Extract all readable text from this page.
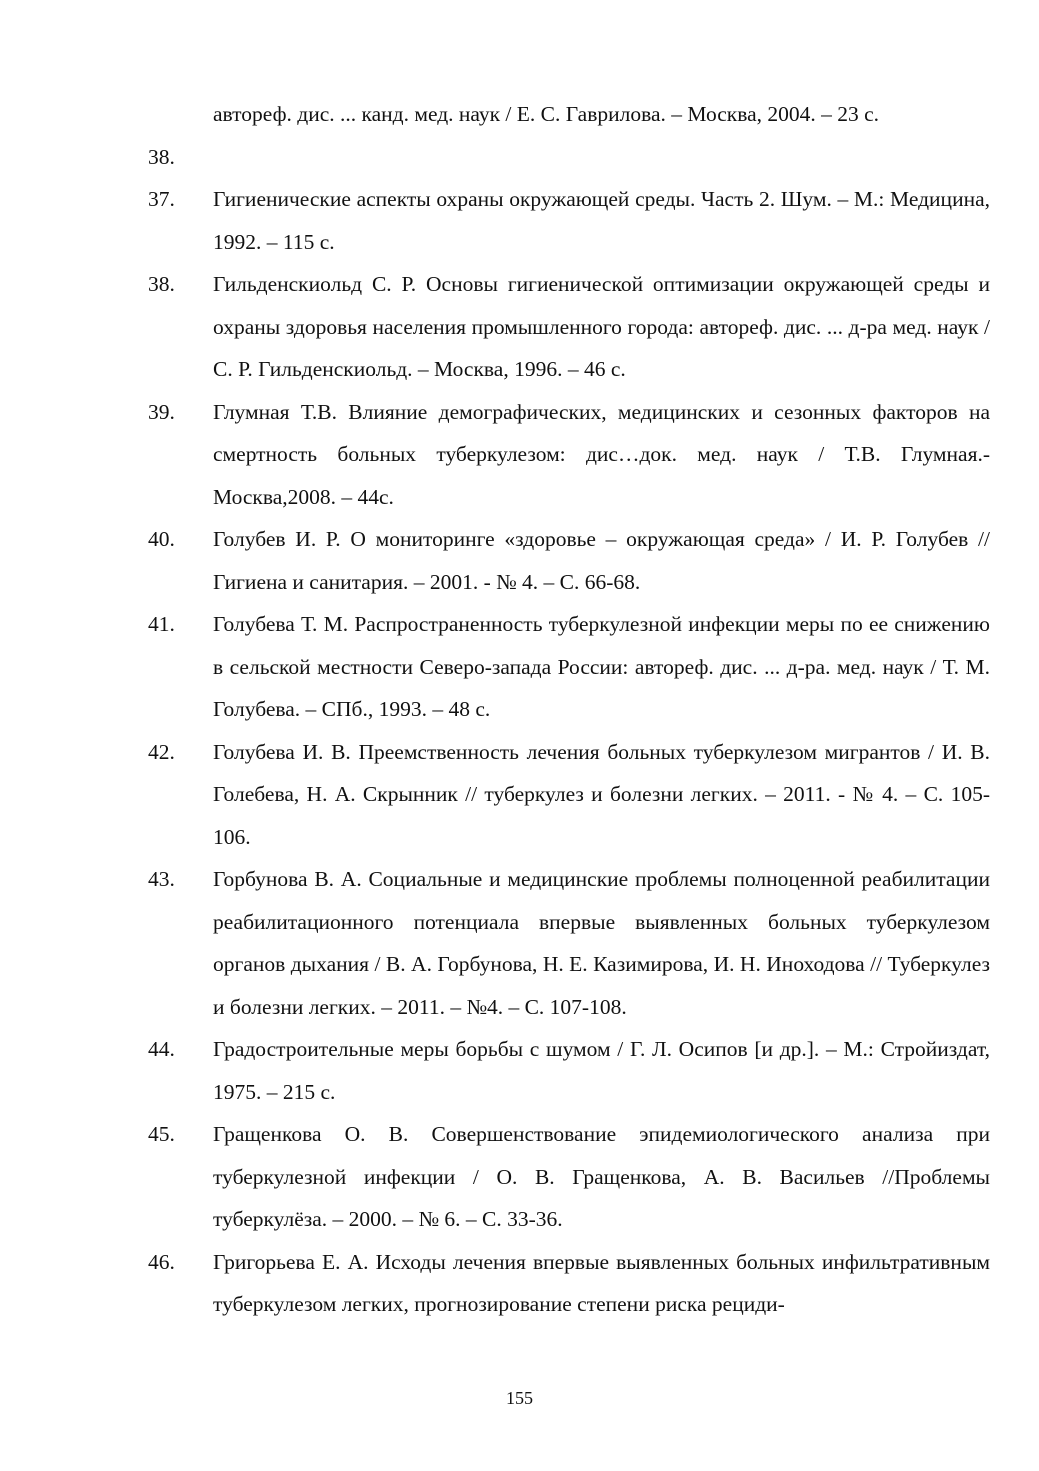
автореф. дис. ... канд. мед. наук / Е. С. Гаврилова. – Москва, 2004. – 23 с.
38.
37.	Гигиенические аспекты охраны окружающей среды. Часть 2. Шум. – М.: Медицина, 1992. – 115 с.
38.	Гильденскиольд С. Р. Основы гигиенической оптимизации окружающей среды и охраны здоровья населения промышленного города: автореф. дис. ... д-ра мед. наук / С. Р. Гильденскиольд. – Москва, 1996. – 46 с.
39.	Глумная Т.В. Влияние демографических, медицинских и сезонных факторов на смертность больных туберкулезом: дис…док. мед. наук / Т.В. Глумная.- Москва,2008. – 44с.
40.	Голубев И. Р. О мониторинге «здоровье – окружающая среда» / И. Р. Голубев // Гигиена и санитария. – 2001. - № 4. – С. 66-68.
41.	Голубева Т. М. Распространенность туберкулезной инфекции меры по ее снижению в сельской местности Северо-запада России: автореф. дис. ... д-ра. мед. наук / Т. М. Голубева. – СПб., 1993. – 48 с.
42.	Голубева И. В. Преемственность лечения больных туберкулезом мигрантов / И. В. Голебева, Н. А. Скрынник // туберкулез и болезни легких. – 2011. - № 4. – С. 105-106.
43.	Горбунова В. А. Социальные и медицинские проблемы полноценной реабилитации реабилитационного потенциала впервые выявленных больных туберкулезом органов дыхания / В. А. Горбунова, Н. Е. Казимирова, И. Н. Иноходова // Туберкулез и болезни легких. – 2011. – №4. – С. 107-108.
44.	Градостроительные меры борьбы с шумом / Г. Л. Осипов [и др.]. – М.: Стройиздат, 1975. – 215 с.
45.	Гращенкова О. В. Совершенствование эпидемиологического анализа при туберкулезной инфекции / О. В. Гращенкова, А. В. Васильев //Проблемы туберкулёза. – 2000. – № 6. – С. 33-36.
46.	Григорьева Е. А. Исходы лечения впервые выявленных больных инфильтративным туберкулезом легких, прогнозирование степени риска рециди-
155
